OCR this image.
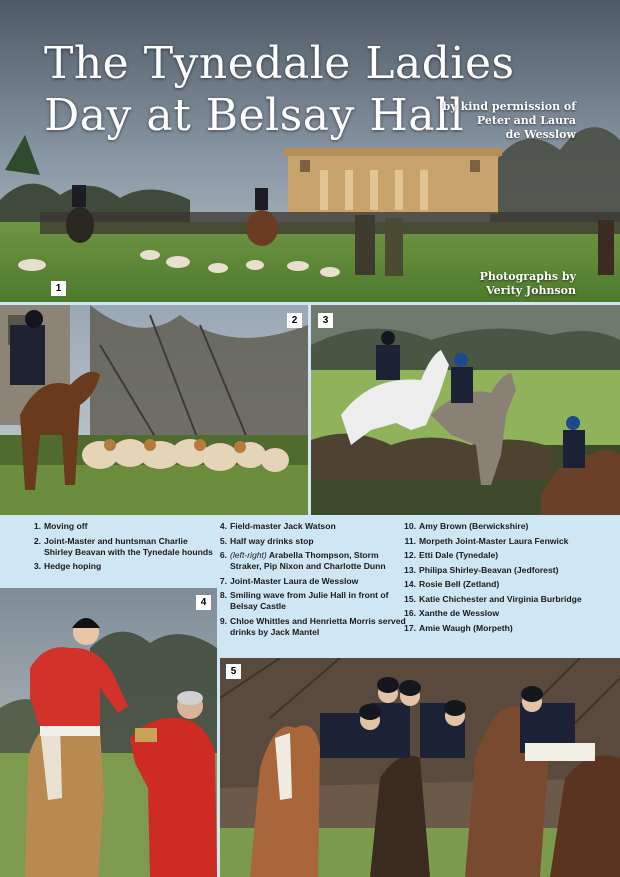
The Tynedale Ladies
Day at Belsay Hall
by kind permission of
Peter and Laura
de Wesslow
Photographs by
Verity Johnson
1
2	3
1. Moving off
2. Joint-Master and huntsman Charlie Shirley Beavan with the Tynedale hounds
3. Hedge hoping
4. Field-master Jack Watson
5. Half way drinks stop
6. (left-right) Arabella Thompson, Storm Straker, Pip Nixon and Charlotte Dunn
7. Joint-Master Laura de Wesslow
8. Smiling wave from Julie Hall in front of Belsay Castle
9. Chloe Whittles and Henrietta Morris served drinks by Jack Mantel
10. Amy Brown (Berwickshire)
11. Morpeth Joint-Master Laura Fenwick
12. Etti Dale (Tynedale)
13. Philipa Shirley-Beavan (Jedforest)
14. Rosie Bell (Zetland)
15. Katie Chichester and Virginia Burbridge
16. Xanthe de Wesslow
17. Amie Waugh (Morpeth)
4
5
